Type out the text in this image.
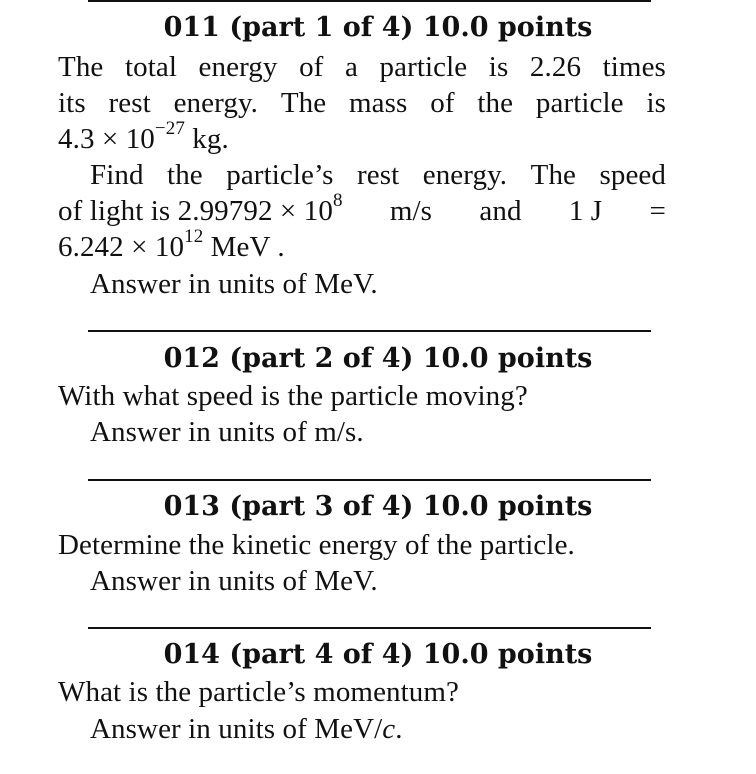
011 (part 1 of 4) 10.0 points
The total energy of a particle is 2.26 times
its rest energy. The mass of the particle is
$4.3 \times 10^{-27}$ kg.
Find the particle’s rest energy. The speed
of light is $2.99792 \times 10^8$ m/s and 1 J =
$6.242 \times 10^{12}$ MeV .
Answer in units of MeV.
012 (part 2 of 4) 10.0 points
With what speed is the particle moving?
Answer in units of m/s.
013 (part 3 of 4) 10.0 points
Determine the kinetic energy of the particle.
Answer in units of MeV.
014 (part 4 of 4) 10.0 points
What is the particle’s momentum?
Answer in units of MeV/c.
